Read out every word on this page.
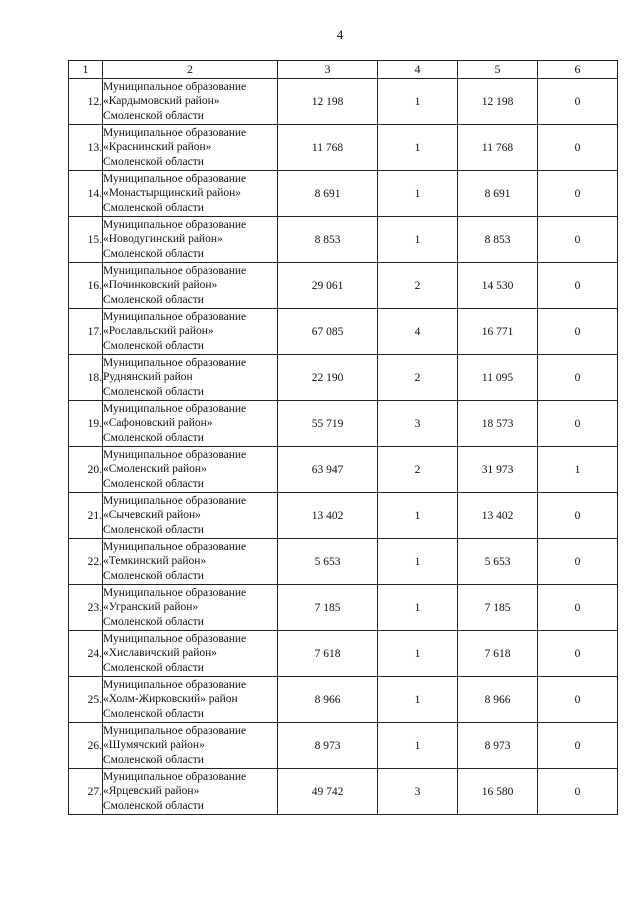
4
1	2	3	4	5	6
12.	Муниципальное образование
«Кардымовский район»
Смоленской области	12 198	1	12 198	0
13.	Муниципальное образование
«Краснинский район»
Смоленской области	11 768	1	11 768	0
14.	Муниципальное образование
«Монастырщинский район»
Смоленской области	8 691	1	8 691	0
15.	Муниципальное образование
«Новодугинский район»
Смоленской области	8 853	1	8 853	0
16.	Муниципальное образование
«Починковский район»
Смоленской области	29 061	2	14 530	0
17.	Муниципальное образование
«Рославльский район»
Смоленской области	67 085	4	16 771	0
18.	Муниципальное образование
Руднянский район
Смоленской области	22 190	2	11 095	0
19.	Муниципальное образование
«Сафоновский район»
Смоленской области	55 719	3	18 573	0
20.	Муниципальное образование
«Смоленский район»
Смоленской области	63 947	2	31 973	1
21.	Муниципальное образование
«Сычевский район»
Смоленской области	13 402	1	13 402	0
22.	Муниципальное образование
«Темкинский район»
Смоленской области	5 653	1	5 653	0
23.	Муниципальное образование
«Угранский район»
Смоленской области	7 185	1	7 185	0
24.	Муниципальное образование
«Хиславичский район»
Смоленской области	7 618	1	7 618	0
25.	Муниципальное образование
«Холм-Жирковский» район
Смоленской области	8 966	1	8 966	0
26.	Муниципальное образование
«Шумячский район»
Смоленской области	8 973	1	8 973	0
27.	Муниципальное образование
«Ярцевский район»
Смоленской области	49 742	3	16 580	0
